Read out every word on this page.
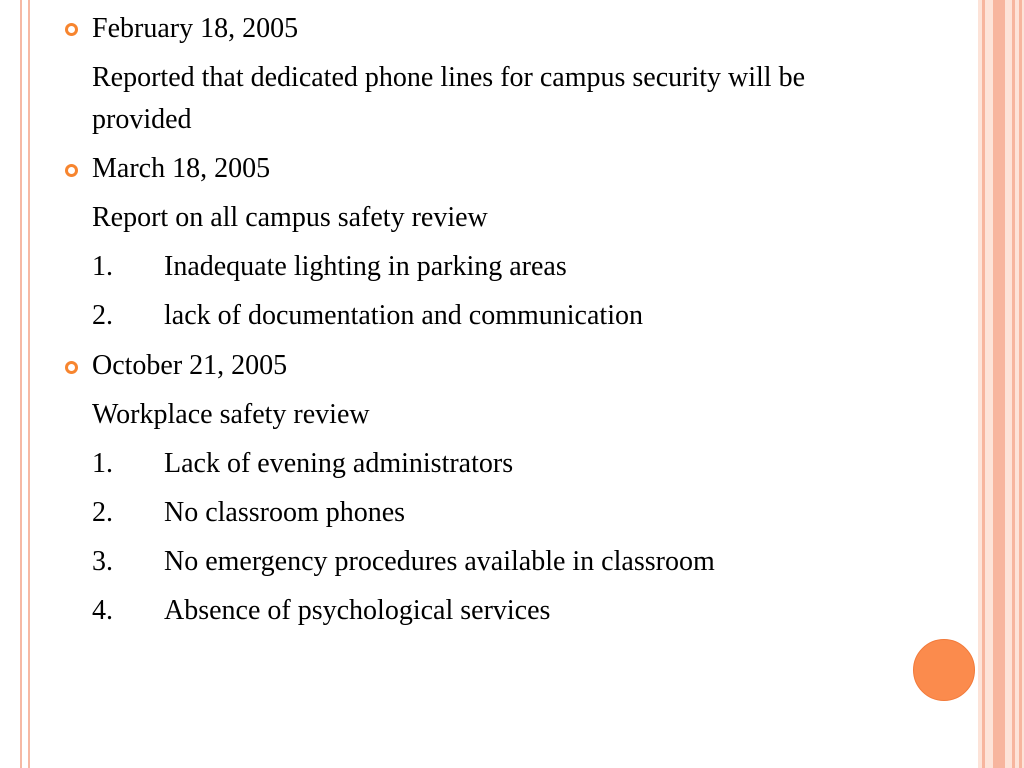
February 18, 2005
Reported that dedicated phone lines for campus security will be provided
March 18, 2005
Report on all campus safety review
1. Inadequate lighting in parking areas
2. lack of documentation and communication
October 21, 2005
Workplace safety review
1. Lack of evening administrators
2. No classroom phones
3. No emergency procedures available in classroom
4. Absence of psychological services
